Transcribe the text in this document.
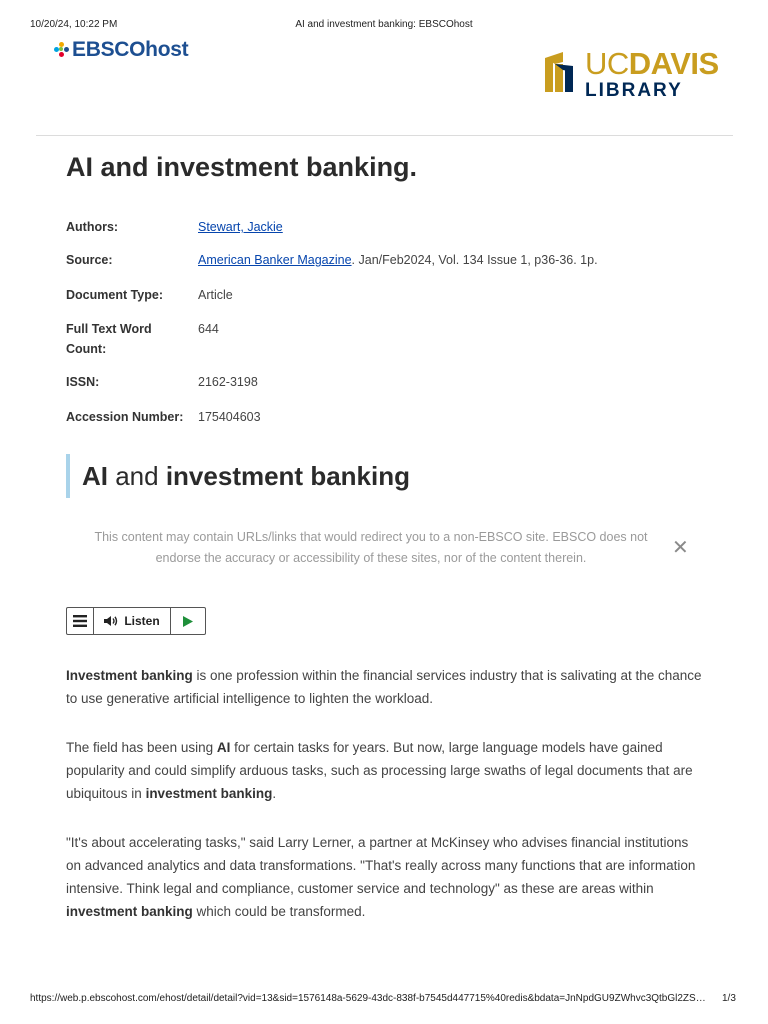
10/20/24, 10:22 PM	AI and investment banking: EBSCOhost
EBSCOhost	UCDAVIS
LIBRARY
AI and investment banking.
Authors:	Stewart, Jackie
Source:	American Banker Magazine. Jan/Feb2024, Vol. 134 Issue 1, p36-36. 1p.
Document Type:	Article
Full Text Word
Count:
644
ISSN:	2162-3198
Accession Number:	175404603
AI and investment banking
This content may contain URLs/links that would redirect you to a non-EBSCO site. EBSCO does not
endorse the accuracy or accessibility of these sites, nor of the content therein.	✕
Listen

Investment banking is one profession within the financial services industry that is salivating at the chance to use generative artificial intelligence to lighten the workload.

The field has been using AI for certain tasks for years. But now, large language models have gained popularity and could simplify arduous tasks, such as processing large swaths of legal documents that are ubiquitous in investment banking.

"It's about accelerating tasks," said Larry Lerner, a partner at McKinsey who advises financial institutions on advanced analytics and data transformations. "That's really across many functions that are information intensive. Think legal and compliance, customer service and technology" as these are areas within investment banking which could be transformed.

https://web.p.ebscohost.com/ehost/detail/detail?vid=13&sid=1576148a-5629-43dc-838f-b7545d447715%40redis&bdata=JnNpdGU9ZWhvc3QtbGl2ZS…	1/3
